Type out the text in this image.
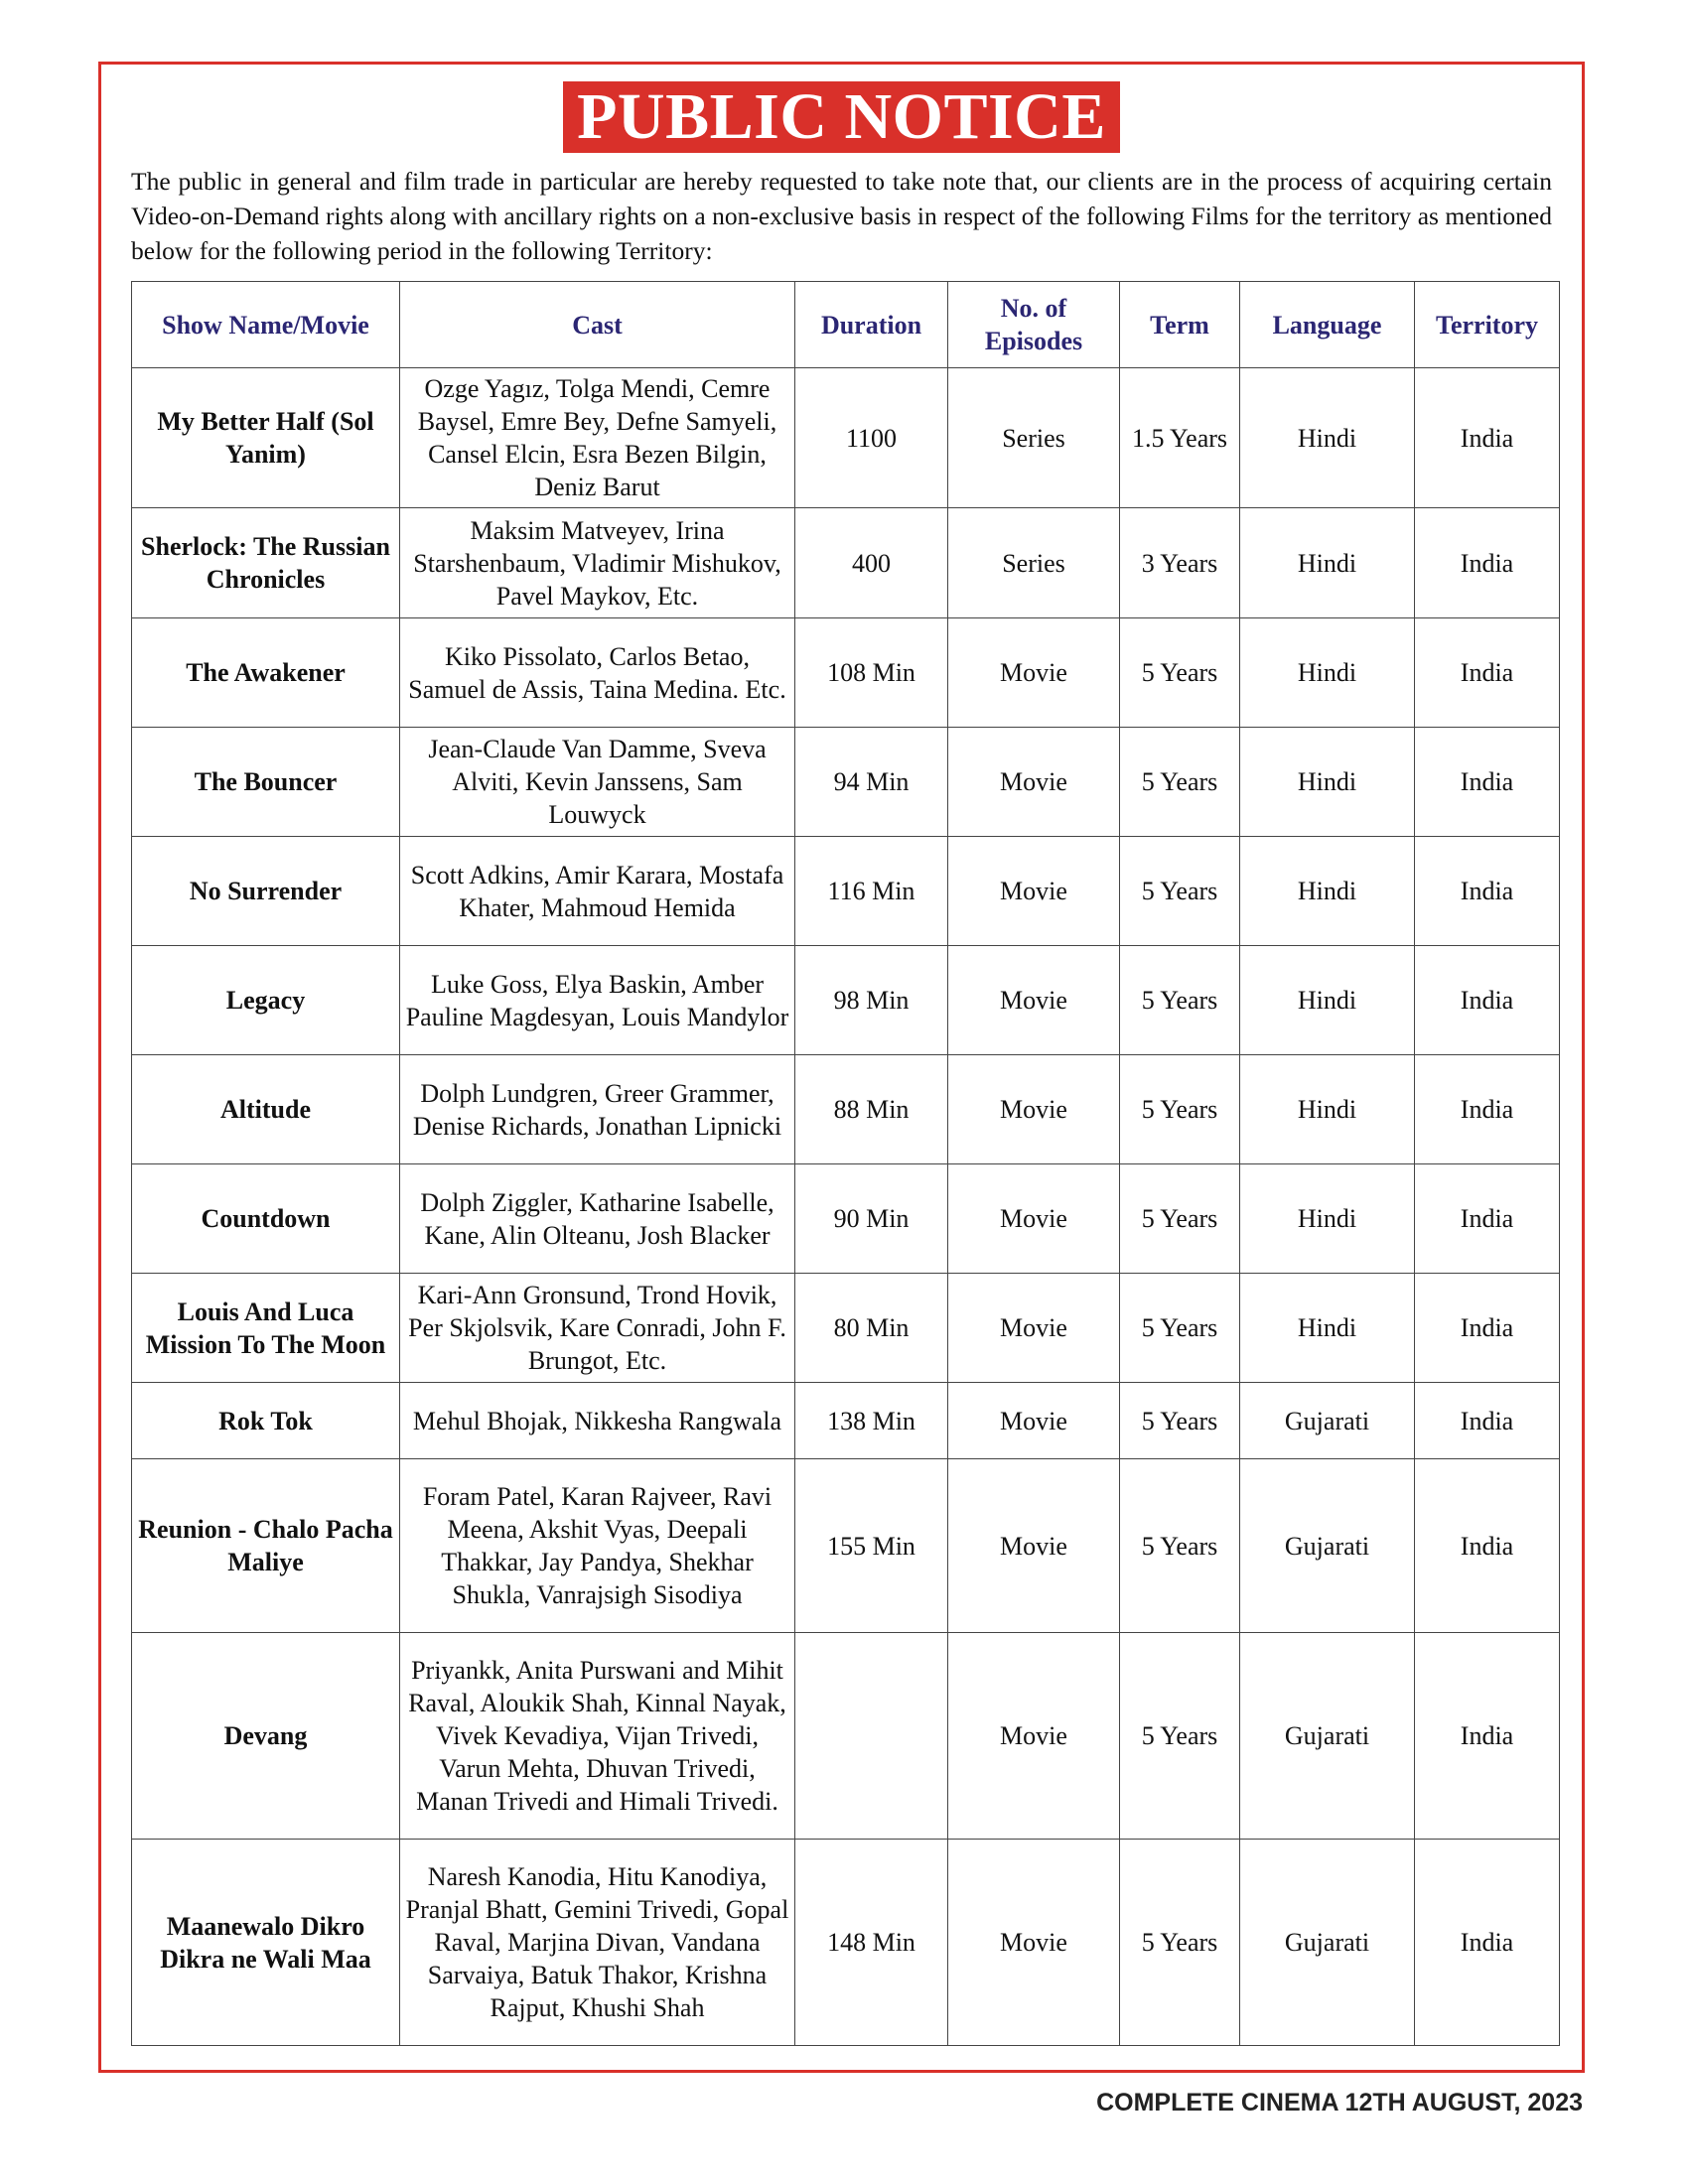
PUBLIC NOTICE
The public in general and film trade in particular are hereby requested to take note that, our clients are in the process of acquiring certain Video-on-Demand rights along with ancillary rights on a non-exclusive basis in respect of the following Films for the territory as mentioned below for the following period in the following Territory:
Show Name/Movie	Cast	Duration	No. of Episodes	Term	Language	Territory
My Better Half (Sol Yanim)	Ozge Yagız, Tolga Mendi, Cemre Baysel, Emre Bey, Defne Samyeli, Cansel Elcin, Esra Bezen Bilgin, Deniz Barut	1100	Series	1.5 Years	Hindi	India
Sherlock: The Russian Chronicles	Maksim Matveyev, Irina Starshenbaum, Vladimir Mishukov, Pavel Maykov, Etc.	400	Series	3 Years	Hindi	India
The Awakener	Kiko Pissolato, Carlos Betao, Samuel de Assis, Taina Medina. Etc.	108 Min	Movie	5 Years	Hindi	India
The Bouncer	Jean-Claude Van Damme, Sveva Alviti, Kevin Janssens, Sam Louwyck	94 Min	Movie	5 Years	Hindi	India
No Surrender	Scott Adkins, Amir Karara, Mostafa Khater, Mahmoud Hemida	116 Min	Movie	5 Years	Hindi	India
Legacy	Luke Goss, Elya Baskin, Amber Pauline Magdesyan, Louis Mandylor	98 Min	Movie	5 Years	Hindi	India
Altitude	Dolph Lundgren, Greer Grammer, Denise Richards, Jonathan Lipnicki	88 Min	Movie	5 Years	Hindi	India
Countdown	Dolph Ziggler, Katharine Isabelle, Kane, Alin Olteanu, Josh Blacker	90 Min	Movie	5 Years	Hindi	India
Louis And Luca Mission To The Moon	Kari-Ann Gronsund, Trond Hovik, Per Skjolsvik, Kare Conradi, John F. Brungot, Etc.	80 Min	Movie	5 Years	Hindi	India
Rok Tok	Mehul Bhojak, Nikkesha Rangwala	138 Min	Movie	5 Years	Gujarati	India
Reunion - Chalo Pacha Maliye	Foram Patel, Karan Rajveer, Ravi Meena, Akshit Vyas, Deepali Thakkar, Jay Pandya, Shekhar Shukla, Vanrajsigh Sisodiya	155 Min	Movie	5 Years	Gujarati	India
Devang	Priyankk, Anita Purswani and Mihit Raval, Aloukik Shah, Kinnal Nayak, Vivek Kevadiya, Vijan Trivedi, Varun Mehta, Dhuvan Trivedi, Manan Trivedi and Himali Trivedi.		Movie	5 Years	Gujarati	India
Maanewalo Dikro Dikra ne Wali Maa	Naresh Kanodia, Hitu Kanodiya, Pranjal Bhatt, Gemini Trivedi, Gopal Raval, Marjina Divan, Vandana Sarvaiya, Batuk Thakor, Krishna Rajput, Khushi Shah	148 Min	Movie	5 Years	Gujarati	India
COMPLETE CINEMA 12TH AUGUST, 2023
